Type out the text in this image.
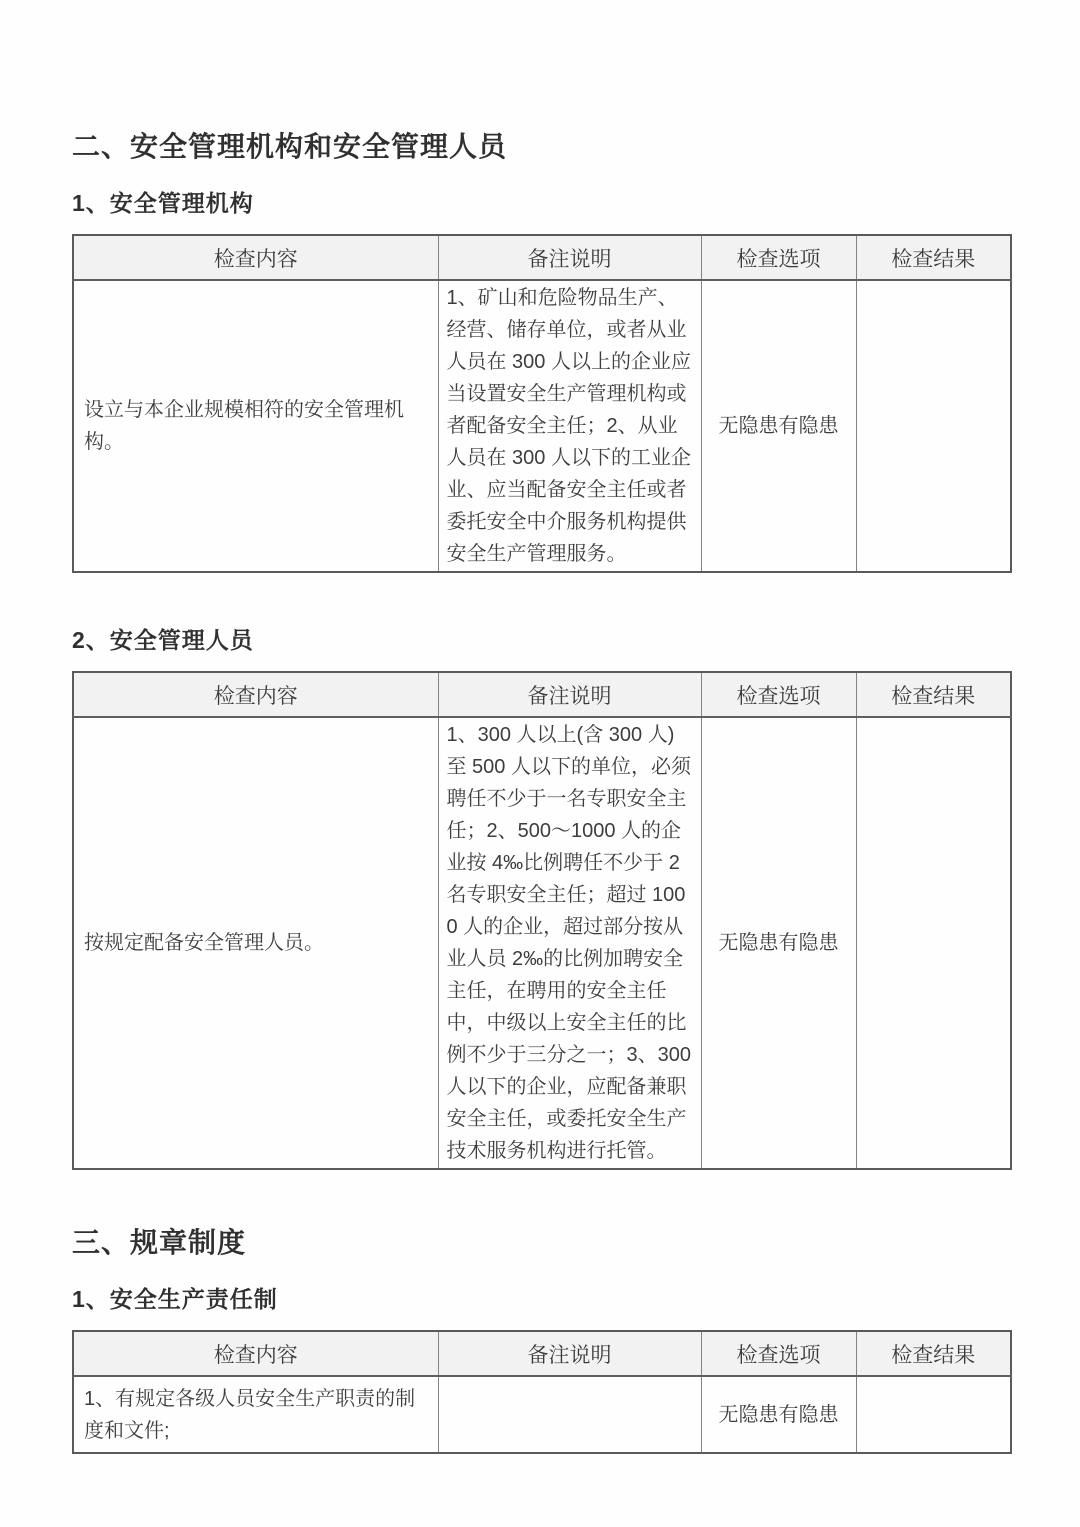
二、安全管理机构和安全管理人员
1、安全管理机构
检查内容	备注说明	检查选项	检查结果
设立与本企业规模相符的安全管理机构。	1、矿山和危险物品生产、经营、储存单位，或者从业人员在 300 人以上的企业应当设置安全生产管理机构或者配备安全主任；2、从业人员在 300 人以下的工业企业、应当配备安全主任或者委托安全中介服务机构提供安全生产管理服务。	无隐患有隐患	
2、安全管理人员
检查内容	备注说明	检查选项	检查结果
按规定配备安全管理人员。	1、300 人以上(含 300 人)至 500 人以下的单位，必须聘任不少于一名专职安全主任；2、500～1000 人的企业按 4‰比例聘任不少于 2 名专职安全主任；超过 1000 人的企业，超过部分按从业人员 2‰的比例加聘安全主任，在聘用的安全主任中，中级以上安全主任的比例不少于三分之一；3、300 人以下的企业，应配备兼职安全主任，或委托安全生产技术服务机构进行托管。	无隐患有隐患	
三、规章制度
1、安全生产责任制
检查内容	备注说明	检查选项	检查结果
1、有规定各级人员安全生产职责的制度和文件;		无隐患有隐患	
